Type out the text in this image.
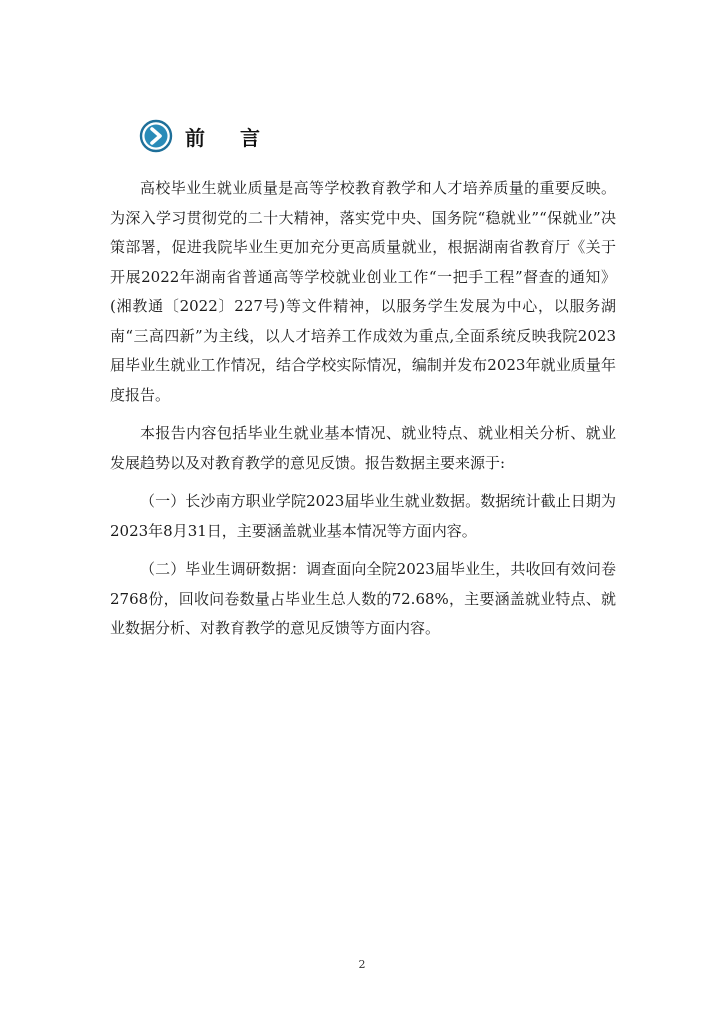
前 言

高校毕业生就业质量是高等学校教育教学和人才培养质量的重要反映。为深入学习贯彻党的二十大精神，落实党中央、国务院“稳就业”“保就业”决策部署，促进我院毕业生更加充分更高质量就业，根据湖南省教育厅《关于开展2022年湖南省普通高等学校就业创业工作“一把手工程”督查的通知》(湘教通〔2022〕227号)等文件精神，以服务学生发展为中心，以服务湖南“三高四新”为主线，以人才培养工作成效为重点,全面系统反映我院2023届毕业生就业工作情况，结合学校实际情况，编制并发布2023年就业质量年度报告。

本报告内容包括毕业生就业基本情况、就业特点、就业相关分析、就业发展趋势以及对教育教学的意见反馈。报告数据主要来源于:

（一）长沙南方职业学院2023届毕业生就业数据。数据统计截止日期为2023年8月31日，主要涵盖就业基本情况等方面内容。

（二）毕业生调研数据：调查面向全院2023届毕业生，共收回有效问卷2768份，回收问卷数量占毕业生总人数的72.68%，主要涵盖就业特点、就业数据分析、对教育教学的意见反馈等方面内容。

2
